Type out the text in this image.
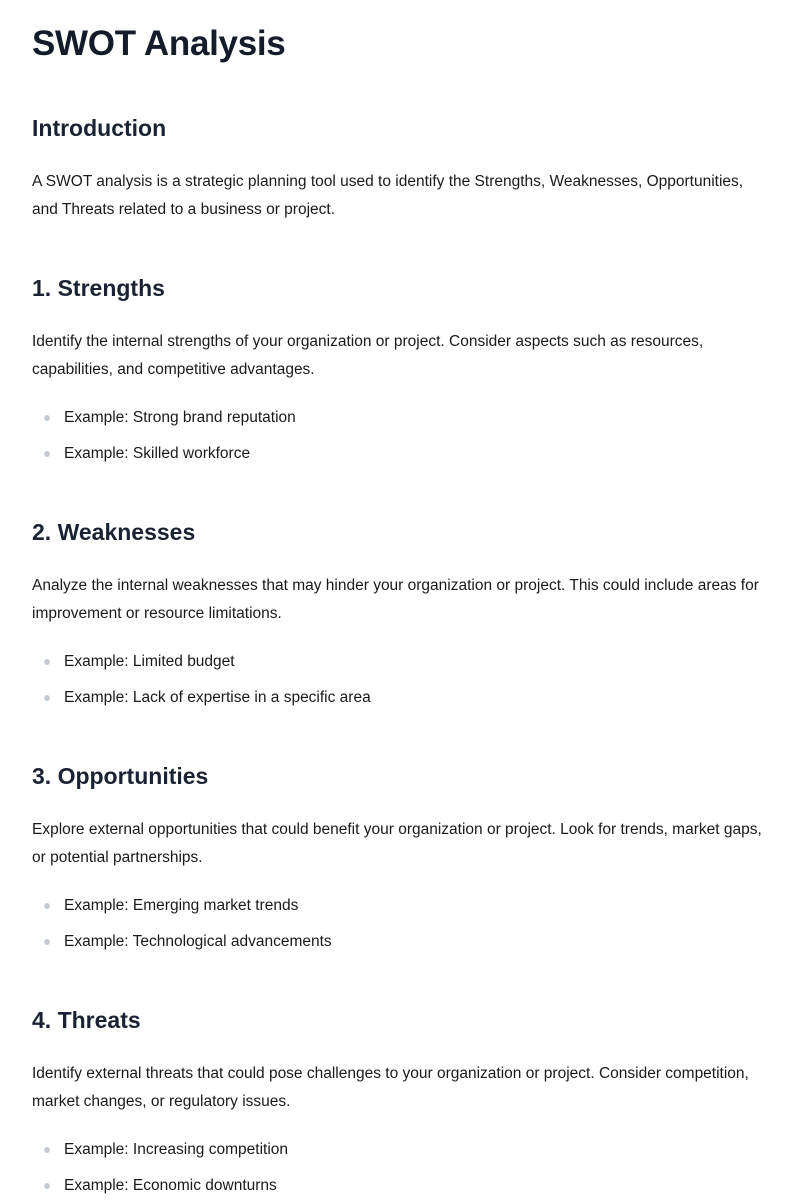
SWOT Analysis
Introduction

A SWOT analysis is a strategic planning tool used to identify the Strengths, Weaknesses, Opportunities, and Threats related to a business or project.

1. Strengths

Identify the internal strengths of your organization or project. Consider aspects such as resources, capabilities, and competitive advantages.

Example: Strong brand reputation
Example: Skilled workforce
2. Weaknesses

Analyze the internal weaknesses that may hinder your organization or project. This could include areas for improvement or resource limitations.

Example: Limited budget
Example: Lack of expertise in a specific area
3. Opportunities

Explore external opportunities that could benefit your organization or project. Look for trends, market gaps, or potential partnerships.

Example: Emerging market trends
Example: Technological advancements
4. Threats

Identify external threats that could pose challenges to your organization or project. Consider competition, market changes, or regulatory issues.

Example: Increasing competition
Example: Economic downturns
